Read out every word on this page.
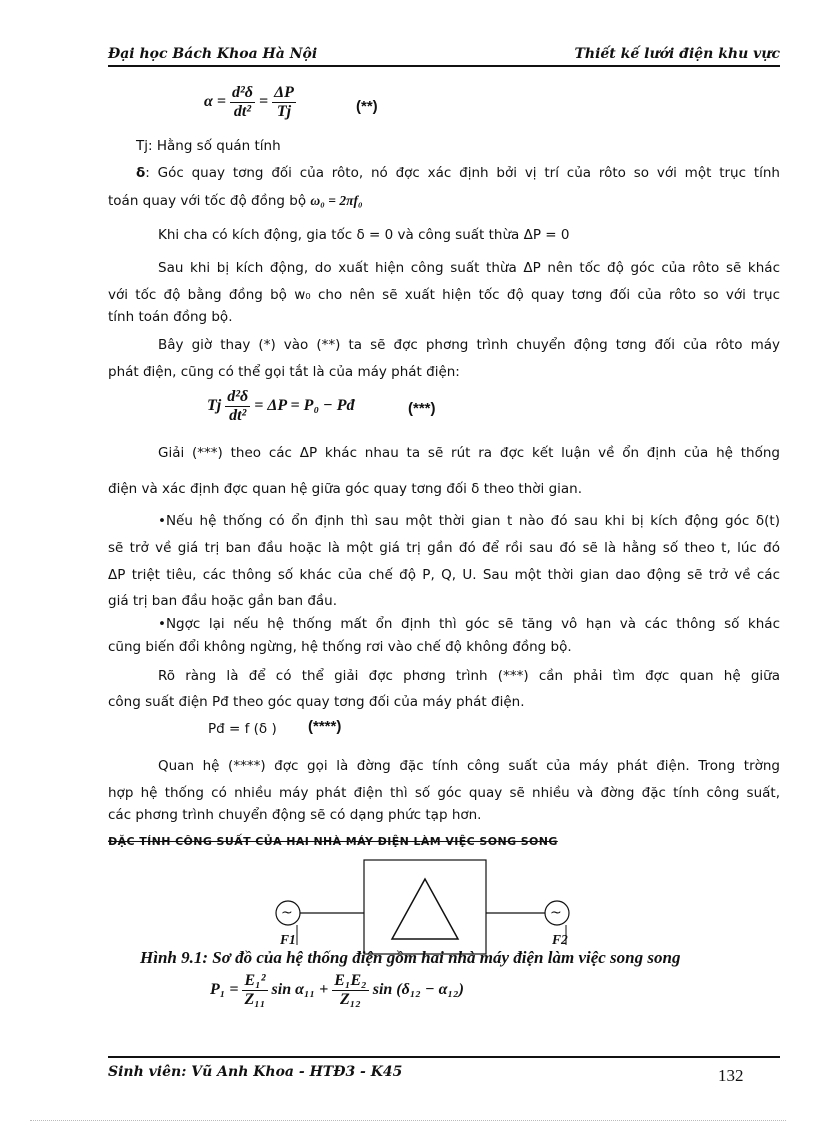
Đại học Bách Khoa Hà Nội	Thiết kế lưới điện khu vực
$\alpha = \frac{\text{d²δ}}{\text{dt²}} = \frac{\Delta P}{Tj}$	(**)
Tj: Hằng số quán tính
δ: Góc quay tơng đối của rôto, nó đợc xác định bởi vị trí của rôto so với một trục tính
toán quay với tốc độ đồng bộ ω₀ = 2πf₀
Khi cha có kích động, gia tốc δ = 0 và công suất thừa ΔP = 0
Sau khi bị kích động, do xuất hiện công suất thừa ΔP nên tốc độ góc của rôto sẽ khác
với tốc độ bằng đồng bộ w₀ cho nên sẽ xuất hiện tốc độ quay tơng đối của rôto so với trục
tính toán đồng bộ.
Bây giờ thay (*) vào (**) ta sẽ đợc phơng trình chuyển động tơng đối của rôto máy
phát điện, cũng có thể gọi tắt là của máy phát điện:
Tj $\frac{\text{d²δ}}{\text{dt²}} = \Delta P = P_0$ − Pđ	(***)
Giải (***) theo các ΔP khác nhau ta sẽ rút ra đợc kết luận về ổn định của hệ thống
điện và xác định đợc quan hệ giữa góc quay tơng đối δ theo thời gian.
•Nếu hệ thống có ổn định thì sau một thời gian t nào đó sau khi bị kích động góc δ(t)
sẽ trở về giá trị ban đầu hoặc là một giá trị gần đó để rồi sau đó sẽ là hằng số theo t, lúc đó
ΔP triệt tiêu, các thông số khác của chế độ P, Q, U. Sau một thời gian dao động sẽ trở về các
giá trị ban đầu hoặc gần ban đầu.
•Ngợc lại nếu hệ thống mất ổn định thì góc sẽ tăng vô hạn và các thông số khác
cũng biến đổi không ngừng, hệ thống rơi vào chế độ không đồng bộ.
Rõ ràng là để có thể giải đợc phơng trình (***) cần phải tìm đợc quan hệ giữa
công suất điện Pđ theo góc quay tơng đối của máy phát điện.
Pđ = f (δ ) (****)
Quan hệ (****) đợc gọi là đờng đặc tính công suất của máy phát điện. Trong trờng
hợp hệ thống có nhiều máy phát điện thì số góc quay sẽ nhiều và đờng đặc tính công suất,
các phơng trình chuyển động sẽ có dạng phức tạp hơn.
ĐẶC TÍNH CÔNG SUẤT CỦA HAI NHÀ MÁY ĐIỆN LÀM VIỆC SONG SONG
~	~
F1	F2
Hình 9.1: Sơ đồ của hệ thống điện gồm hai nhà máy điện làm việc song song
$P_1 = \frac{\text{E₁²}}{\text{Z₁₁}}$ $\sin \alpha_{11} + \frac{\text{E₁E₂}}{\text{Z₁₂}}$ sin (δ₁₂ − α₁₂)
Sinh viên: Vũ Anh Khoa - HTĐ3 - K45	132
